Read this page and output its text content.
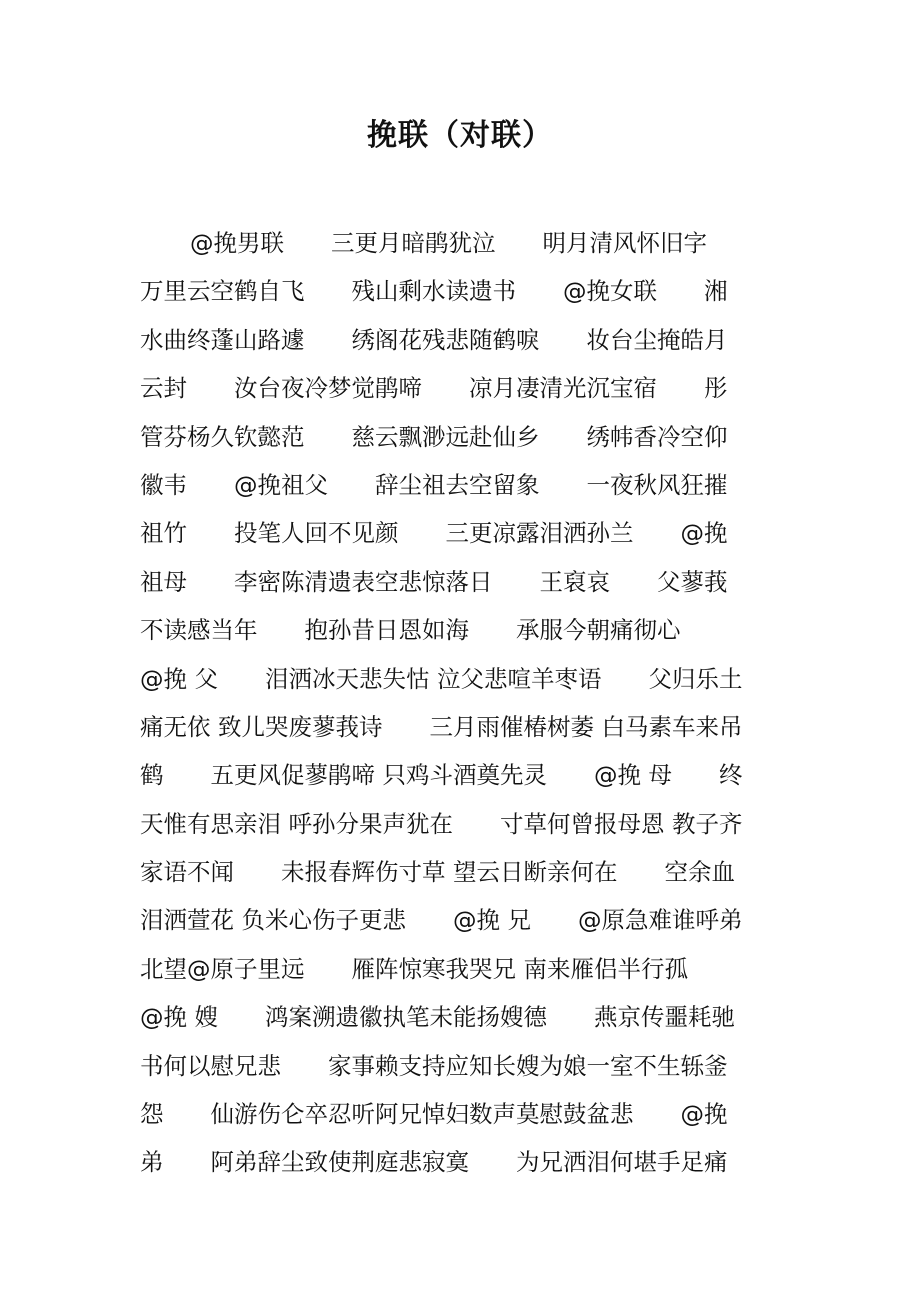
挽联（对联）
@挽男联　　三更月暗鹃犹泣　　明月清风怀旧字
万里云空鹤自飞　　残山剩水读遗书　　@挽女联　　湘
水曲终蓬山路遽　　绣阁花残悲随鹤唳　　妆台尘掩皓月
云封　　汝台夜冷梦觉鹃啼　　凉月凄清光沉宝宿　　彤
管芬杨久钦懿范　　慈云飘渺远赴仙乡　　绣帏香冷空仰
徽韦　　@挽祖父　　辞尘祖去空留象　　一夜秋风狂摧
祖竹　　投笔人回不见颜　　三更凉露泪洒孙兰　　@挽
祖母　　李密陈清遗表空悲惊落日　　王裒哀　　父蓼莪
不读感当年　　抱孙昔日恩如海　　承服今朝痛彻心
@挽 父　　泪洒冰天悲失怙 泣父悲喧羊枣语　　父归乐土
痛无依 致儿哭废蓼莪诗　　三月雨催椿树萎 白马素车来吊
鹤　　五更风促蓼鹃啼 只鸡斗酒奠先灵　　@挽 母　　终
天惟有思亲泪 呼孙分果声犹在　　寸草何曾报母恩 教子齐
家语不闻　　未报春辉伤寸草 望云日断亲何在　　空余血
泪洒萱花 负米心伤子更悲　　@挽 兄　　@原急难谁呼弟
北望@原子里远　　雁阵惊寒我哭兄 南来雁侣半行孤
@挽 嫂　　鸿案溯遗徽执笔未能扬嫂德　　燕京传噩耗驰
书何以慰兄悲　　家事赖支持应知长嫂为娘一室不生轹釜
怨　　仙游伤仑卒忍听阿兄悼妇数声莫慰鼓盆悲　　@挽
弟　　阿弟辞尘致使荆庭悲寂寞　　为兄洒泪何堪手足痛
